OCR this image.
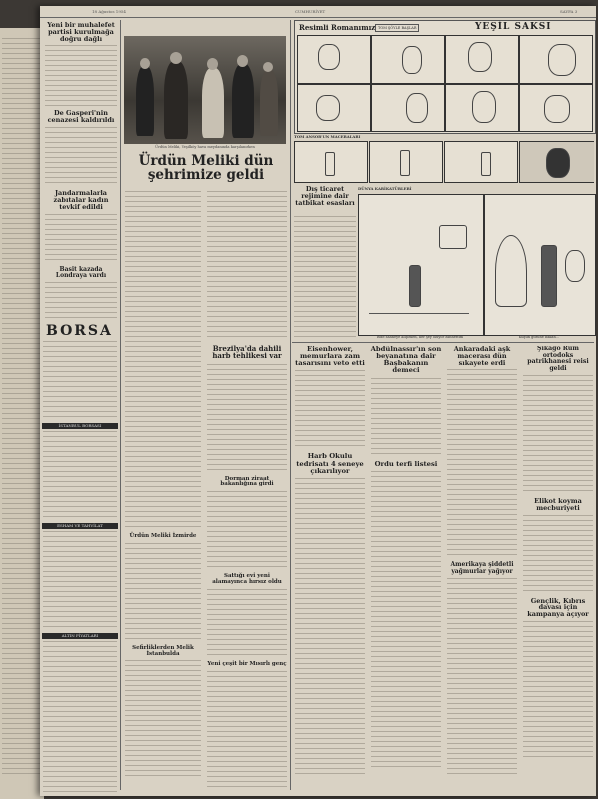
18 Ağustos 1954	CUMHURİYET	SAYFA 3
Yeni bir muhalefet partisi kurulmağa doğru dağlı
De Gasperi'nin cenazesi kaldırıldı
Jandarmalarla zabıtalar kadın tevkif edildi
Basit kazada Londraya vardı
BORSA
İSTANBUL BORSASI
ESHAM VE TAHVİLAT
ALTIN FİYATLARI
Ürdün Meliki, Yeşilköy hava meydanında karşılanırken
Ürdün Meliki dün şehrimize geldi
Ürdün Meliki İzmirde
Sefirliklerden Melik İstanbulda
Brezilya'da dahili harb tehlikesi var
Dorman ziraat bakanlığına girdi
Sattığı evi yeni alamayınca hırsız oldu
Yeni çeşit bir Mısırlı genç
Resimli Romanımız TOM ŞÖYLE BAŞLAR	YEŞİL SAKSI
TOM ANSOR'UN MACERALARI
Dış ticaret rejimine dair tatbikat esasları
DÜNYA KARİKATÜRLERİ
Bize sahneye alışırken, her şey oluyor zannettim	Kuşun gözüne bakan...
Eisenhower, memurlara zam tasarısını veto etti
Harb Okulu tedrisatı 4 seneye çıkarılıyor
Abdülnassır'ın son beyanatına dair Başbakanın demeci
Ordu terfi listesi
Ankaradaki aşk macerası dün sıkayete erdi
Amerikaya şiddetli yağmurlar yağıyor
Şikago Rum ortodoks patrikhanesi reisi geldi
Elikot koyma mecburiyeti
Gençlik, Kıbrıs davası için kampanya açıyor
